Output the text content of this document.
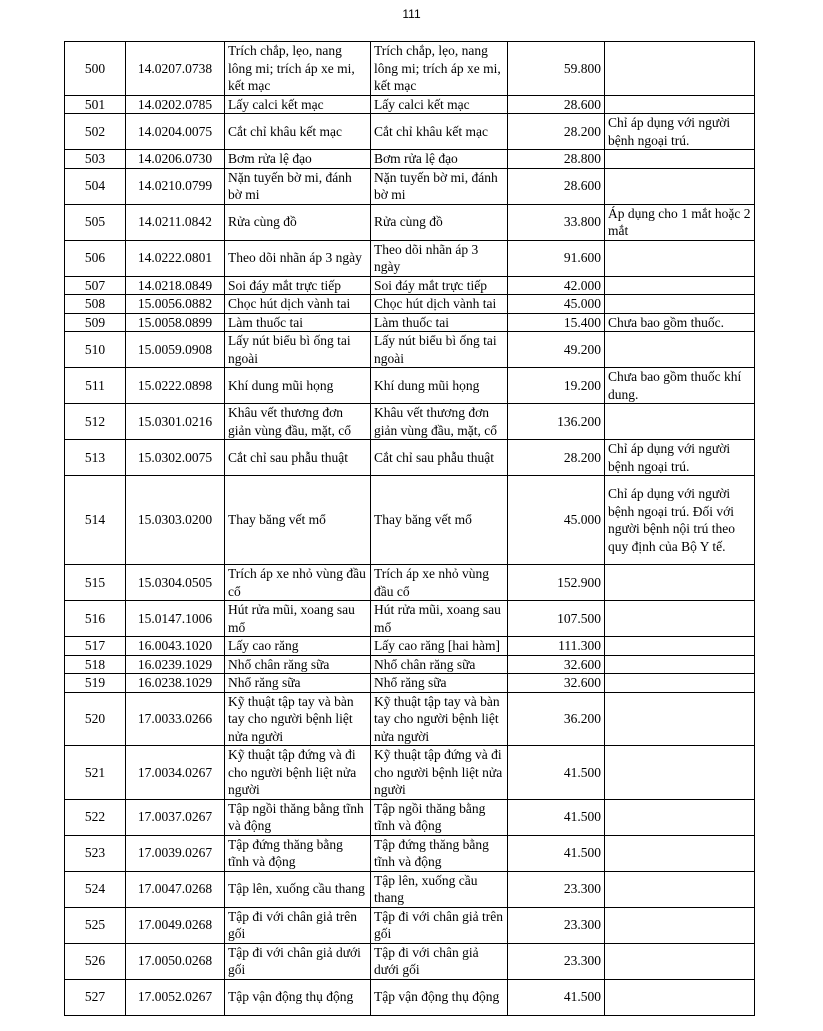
111
500	14.0207.0738	Trích chắp, lẹo, nang lông mi; trích áp xe mi, kết mạc	Trích chắp, lẹo, nang lông mi; trích áp xe mi, kết mạc	59.800	
501	14.0202.0785	Lấy calci kết mạc	Lấy calci kết mạc	28.600	
502	14.0204.0075	Cắt chỉ khâu kết mạc	Cắt chỉ khâu kết mạc	28.200	Chỉ áp dụng với người bệnh ngoại trú.
503	14.0206.0730	Bơm rửa lệ đạo	Bơm rửa lệ đạo	28.800	
504	14.0210.0799	Nặn tuyến bờ mi, đánh bờ mi	Nặn tuyến bờ mi, đánh bờ mi	28.600	
505	14.0211.0842	Rửa cùng đồ	Rửa cùng đồ	33.800	Áp dụng cho 1 mắt hoặc 2 mắt
506	14.0222.0801	Theo dõi nhãn áp 3 ngày	Theo dõi nhãn áp 3 ngày	91.600	
507	14.0218.0849	Soi đáy mắt trực tiếp	Soi đáy mắt trực tiếp	42.000	
508	15.0056.0882	Chọc hút dịch vành tai	Chọc hút dịch vành tai	45.000	
509	15.0058.0899	Làm thuốc tai	Làm thuốc tai	15.400	Chưa bao gồm thuốc.
510	15.0059.0908	Lấy nút biểu bì ống tai ngoài	Lấy nút biểu bì ống tai ngoài	49.200	
511	15.0222.0898	Khí dung mũi họng	Khí dung mũi họng	19.200	Chưa bao gồm thuốc khí dung.
512	15.0301.0216	Khâu vết thương đơn giản vùng đầu, mặt, cổ	Khâu vết thương đơn giản vùng đầu, mặt, cổ	136.200	
513	15.0302.0075	Cắt chỉ sau phẫu thuật	Cắt chỉ sau phẫu thuật	28.200	Chỉ áp dụng với người bệnh ngoại trú.
514	15.0303.0200	Thay băng vết mổ	Thay băng vết mổ	45.000	Chỉ áp dụng với người bệnh ngoại trú. Đối với người bệnh nội trú theo quy định của Bộ Y tế.
515	15.0304.0505	Trích áp xe nhỏ vùng đầu cổ	Trích áp xe nhỏ vùng đầu cổ	152.900	
516	15.0147.1006	Hút rửa mũi, xoang sau mổ	Hút rửa mũi, xoang sau mổ	107.500	
517	16.0043.1020	Lấy cao răng	Lấy cao răng [hai hàm]	111.300	
518	16.0239.1029	Nhổ chân răng sữa	Nhổ chân răng sữa	32.600	
519	16.0238.1029	Nhổ răng sữa	Nhổ răng sữa	32.600	
520	17.0033.0266	Kỹ thuật tập tay và bàn tay cho người bệnh liệt nửa người	Kỹ thuật tập tay và bàn tay cho người bệnh liệt nửa người	36.200	
521	17.0034.0267	Kỹ thuật tập đứng và đi cho người bệnh liệt nửa người	Kỹ thuật tập đứng và đi cho người bệnh liệt nửa người	41.500	
522	17.0037.0267	Tập ngồi thăng bằng tĩnh và động	Tập ngồi thăng bằng tĩnh và động	41.500	
523	17.0039.0267	Tập đứng thăng bằng tĩnh và động	Tập đứng thăng bằng tĩnh và động	41.500	
524	17.0047.0268	Tập lên, xuống cầu thang	Tập lên, xuống cầu thang	23.300	
525	17.0049.0268	Tập đi với chân giả trên gối	Tập đi với chân giả trên gối	23.300	
526	17.0050.0268	Tập đi với chân giả dưới gối	Tập đi với chân giả dưới gối	23.300	
527	17.0052.0267	Tập vận động thụ động	Tập vận động thụ động	41.500	
